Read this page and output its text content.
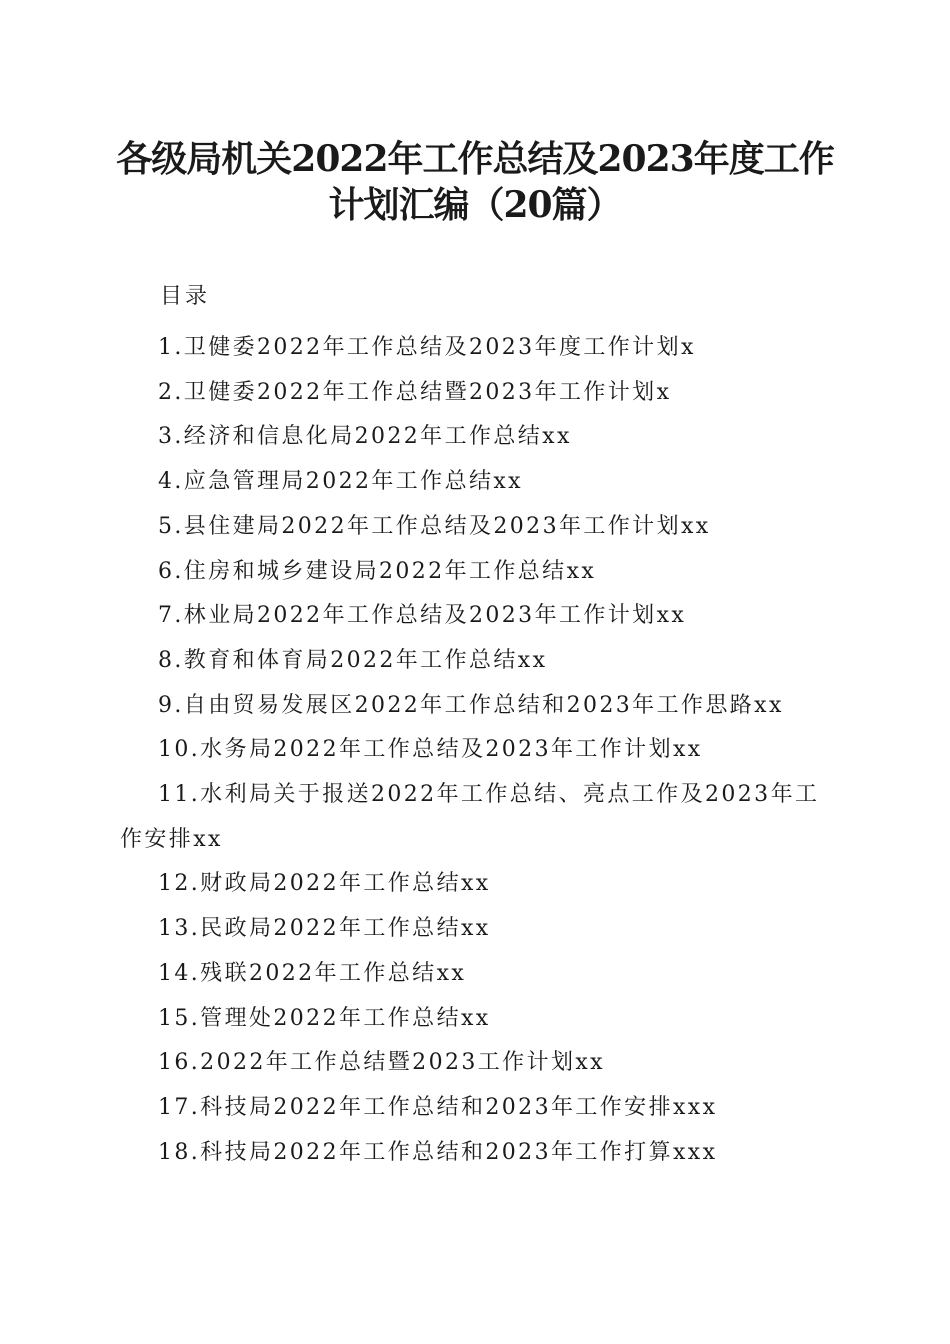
各级局机关2022年工作总结及2023年度工作计划汇编（20篇）
目录
1.卫健委2022年工作总结及2023年度工作计划x
2.卫健委2022年工作总结暨2023年工作计划x
3.经济和信息化局2022年工作总结xx
4.应急管理局2022年工作总结xx
5.县住建局2022年工作总结及2023年工作计划xx
6.住房和城乡建设局2022年工作总结xx
7.林业局2022年工作总结及2023年工作计划xx
8.教育和体育局2022年工作总结xx
9.自由贸易发展区2022年工作总结和2023年工作思路xx
10.水务局2022年工作总结及2023年工作计划xx
11.水利局关于报送2022年工作总结、亮点工作及2023年工作安排xx
12.财政局2022年工作总结xx
13.民政局2022年工作总结xx
14.残联2022年工作总结xx
15.管理处2022年工作总结xx
16.2022年工作总结暨2023工作计划xx
17.科技局2022年工作总结和2023年工作安排xxx
18.科技局2022年工作总结和2023年工作打算xxx
